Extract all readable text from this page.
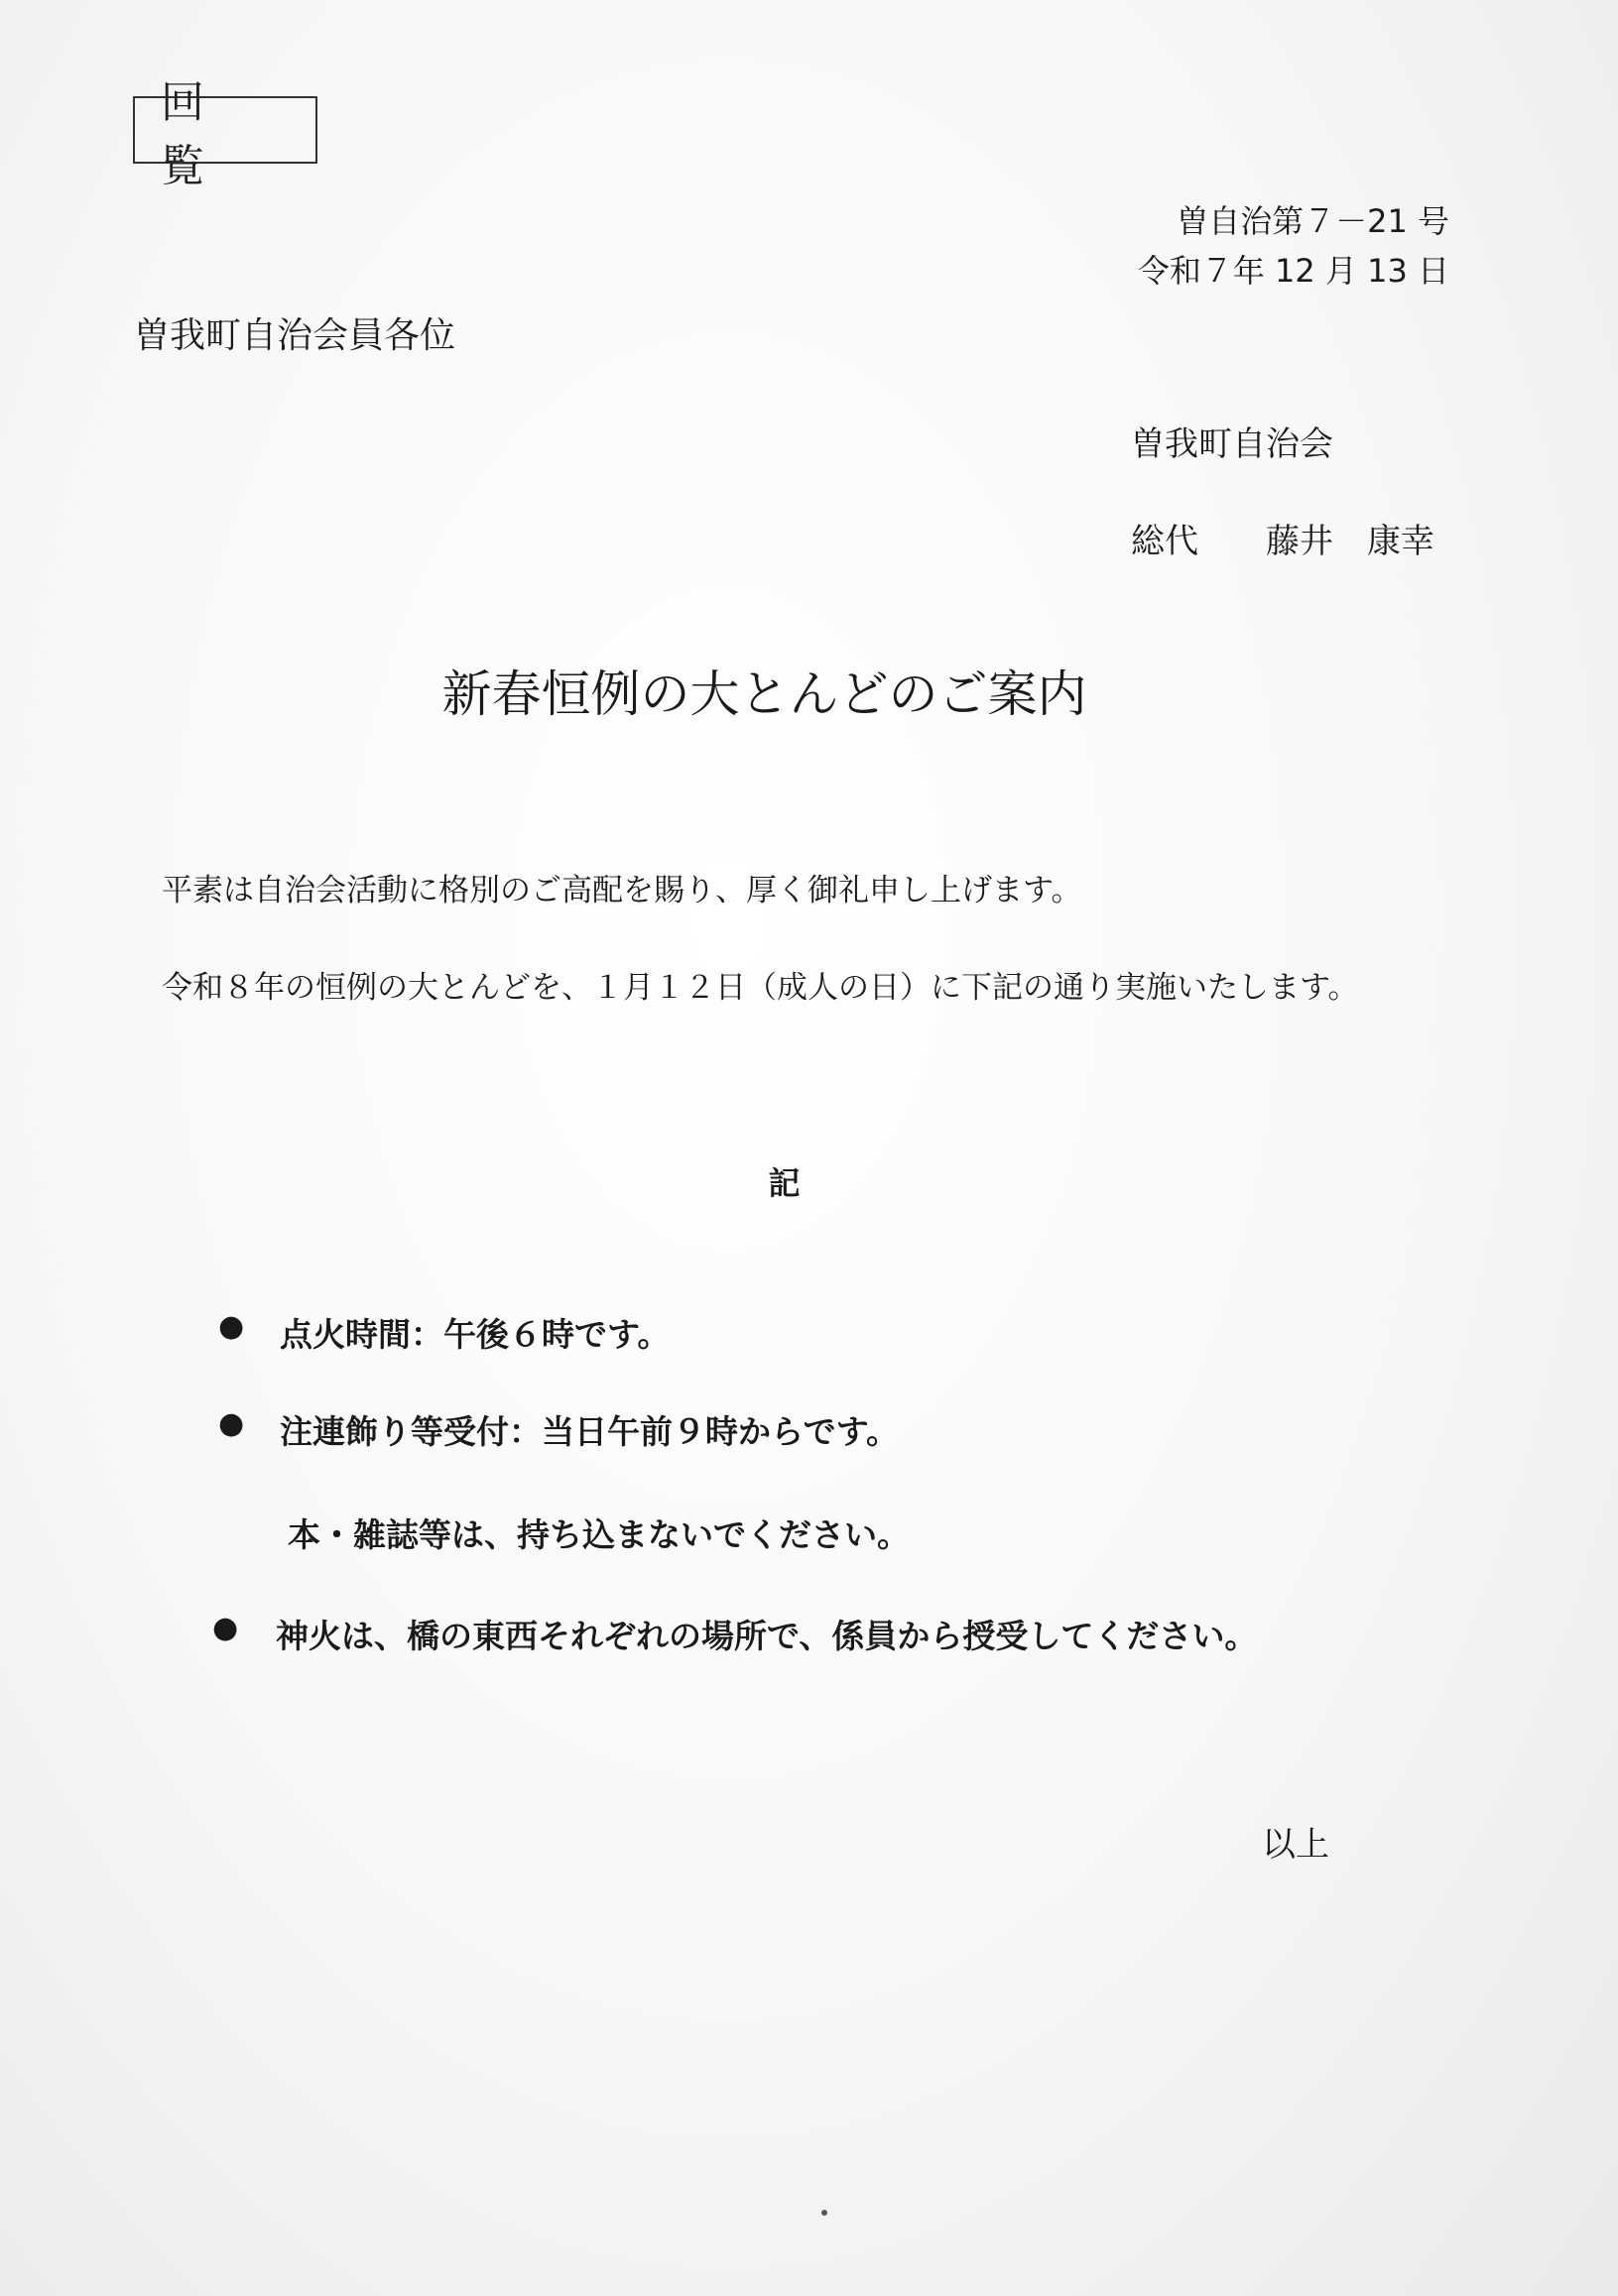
回 覧
曽自治第７－21 号
令和７年 12 月 13 日
曽我町自治会員各位
曽我町自治会
総代　　藤井　康幸
新春恒例の大とんどのご案内
平素は自治会活動に格別のご高配を賜り、厚く御礼申し上げます。
令和８年の恒例の大とんどを、１月１２日（成人の日）に下記の通り実施いたします。
記
● 点火時間：午後６時です。
● 注連飾り等受付：当日午前９時からです。
本・雑誌等は、持ち込まないでください。
● 神火は、橋の東西それぞれの場所で、係員から授受してください。
以上
